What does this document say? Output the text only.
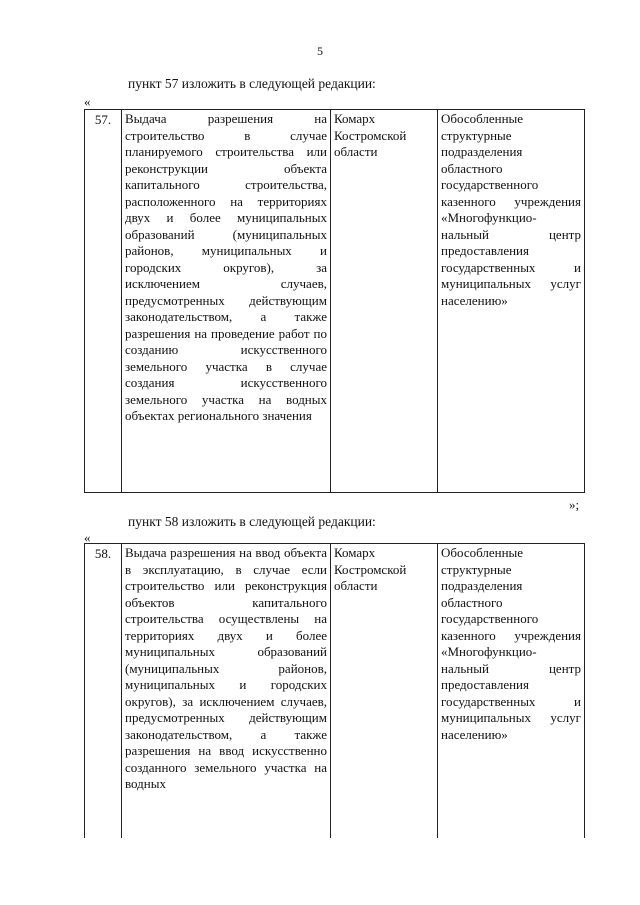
5
пункт 57 изложить в следующей редакции:
«
57.	Выдача разрешения на строительство в случае планируемого строительства или реконструкции объекта капитального строительства, расположенного на территориях двух и более муниципальных образований (муниципальных районов, муниципальных и городских округов), за исключением случаев, предусмотренных действующим законодательством, а также разрешения на проведение работ по созданию искусственного земельного участка в случае создания искусственного земельного участка на водных объектах регионального значения	Комарх Костромской области	Обособленные структурные подразделения областного государственного казенного учреждения «Многофункцио-нальный центр предоставления государственных и муниципальных услуг населению»
»;
пункт 58 изложить в следующей редакции:
«
58.	Выдача разрешения на ввод объекта в эксплуатацию, в случае если строительство или реконструкция объектов капитального строительства осуществлены на территориях двух и более муниципальных образований (муниципальных районов, муниципальных и городских округов), за исключением случаев, предусмотренных действующим законодательством, а также разрешения на ввод искусственно созданного земельного участка на водных	Комарх Костромской области	Обособленные структурные подразделения областного государственного казенного учреждения «Многофункцио-нальный центр предоставления государственных и муниципальных услуг населению»
